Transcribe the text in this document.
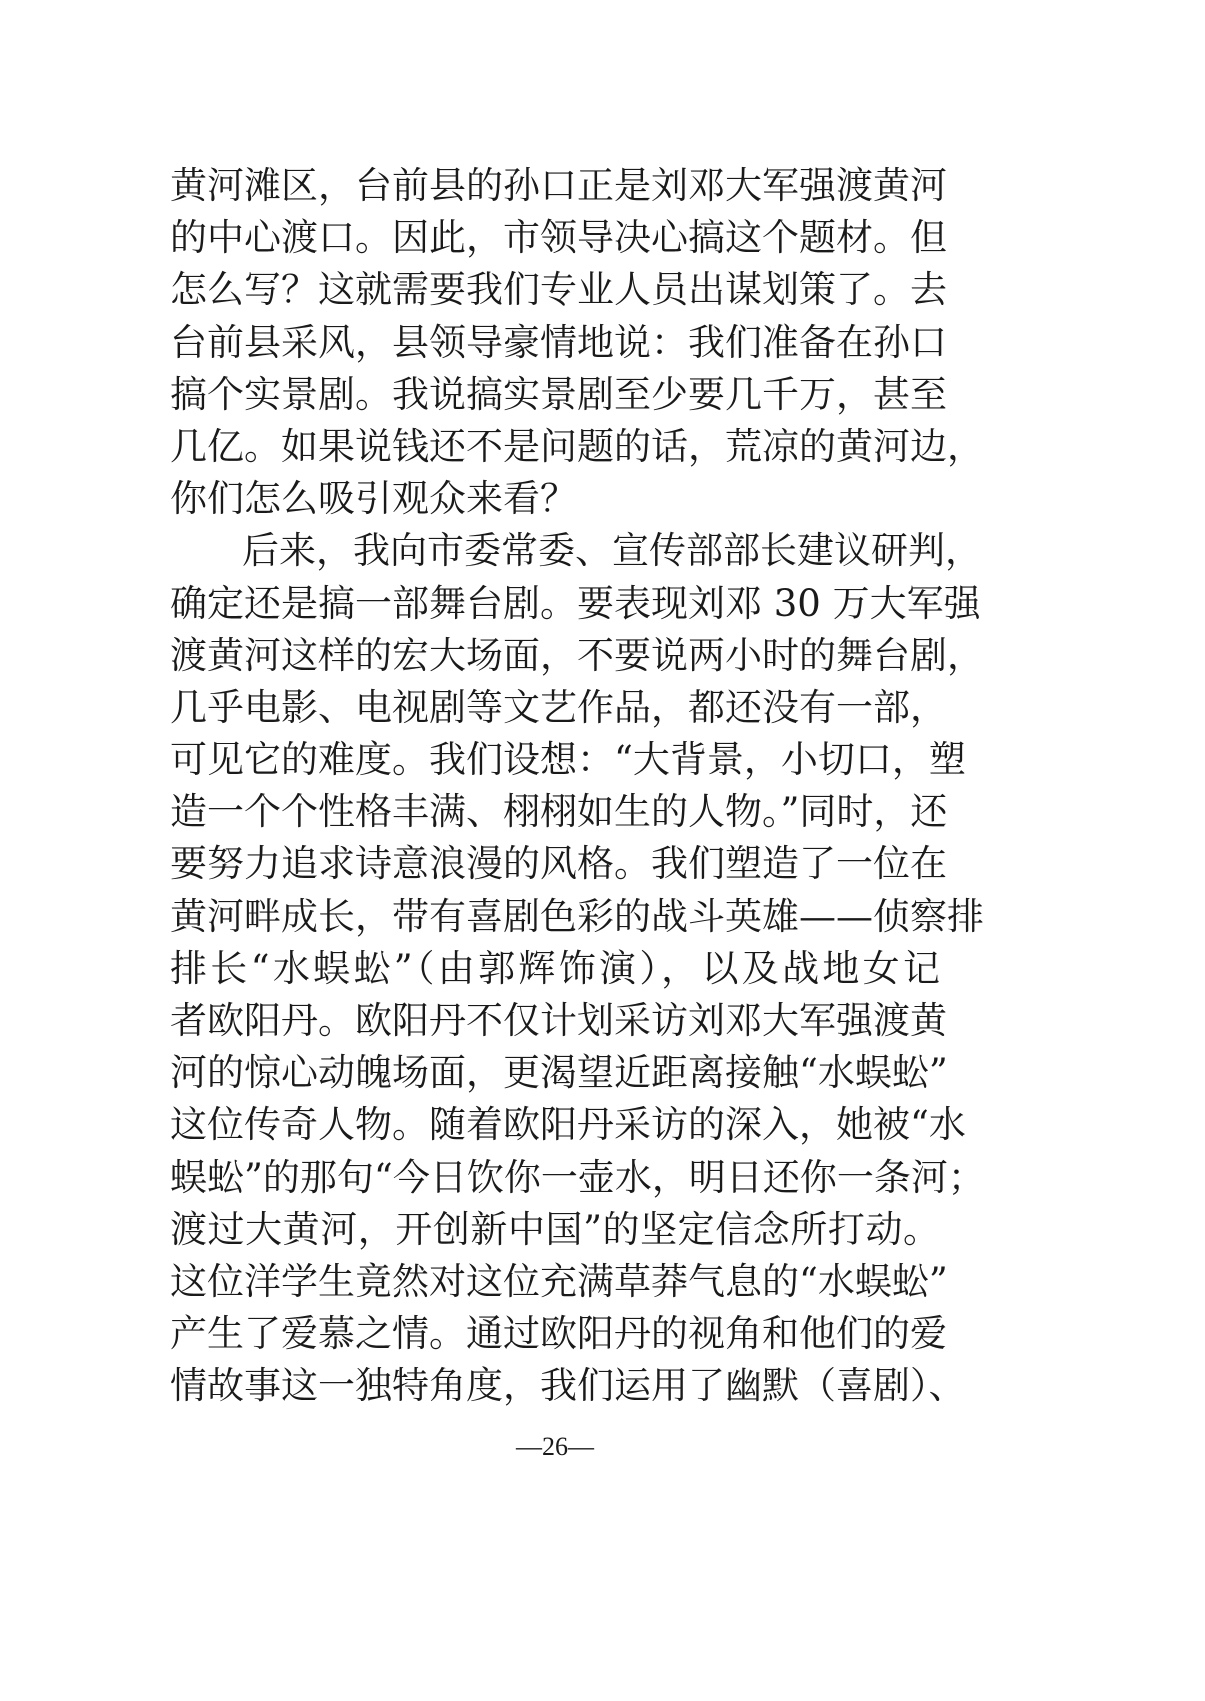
黄河滩区，台前县的孙口正是刘邓大军强渡黄河
的中心渡口。因此，市领导决心搞这个题材。但
怎么写？这就需要我们专业人员出谋划策了。去
台前县采风，县领导豪情地说：我们准备在孙口
搞个实景剧。我说搞实景剧至少要几千万，甚至
几亿。如果说钱还不是问题的话，荒凉的黄河边，
你们怎么吸引观众来看？
后来，我向市委常委、宣传部部长建议研判，
确定还是搞一部舞台剧。要表现刘邓 30 万大军强
渡黄河这样的宏大场面，不要说两小时的舞台剧，
几乎电影、电视剧等文艺作品，都还没有一部，
可见它的难度。我们设想：“大背景，小切口，塑
造一个个性格丰满、栩栩如生的人物。”同时，还
要努力追求诗意浪漫的风格。我们塑造了一位在
黄河畔成长，带有喜剧色彩的战斗英雄——侦察排
排长“水蜈蚣”（由郭辉饰演），以及战地女记
者欧阳丹。欧阳丹不仅计划采访刘邓大军强渡黄
河的惊心动魄场面，更渴望近距离接触“水蜈蚣”
这位传奇人物。随着欧阳丹采访的深入，她被“水
蜈蚣”的那句“今日饮你一壶水，明日还你一条河；
渡过大黄河，开创新中国”的坚定信念所打动。
这位洋学生竟然对这位充满草莽气息的“水蜈蚣”
产生了爱慕之情。通过欧阳丹的视角和他们的爱
情故事这一独特角度，我们运用了幽默（喜剧）、
—26—
